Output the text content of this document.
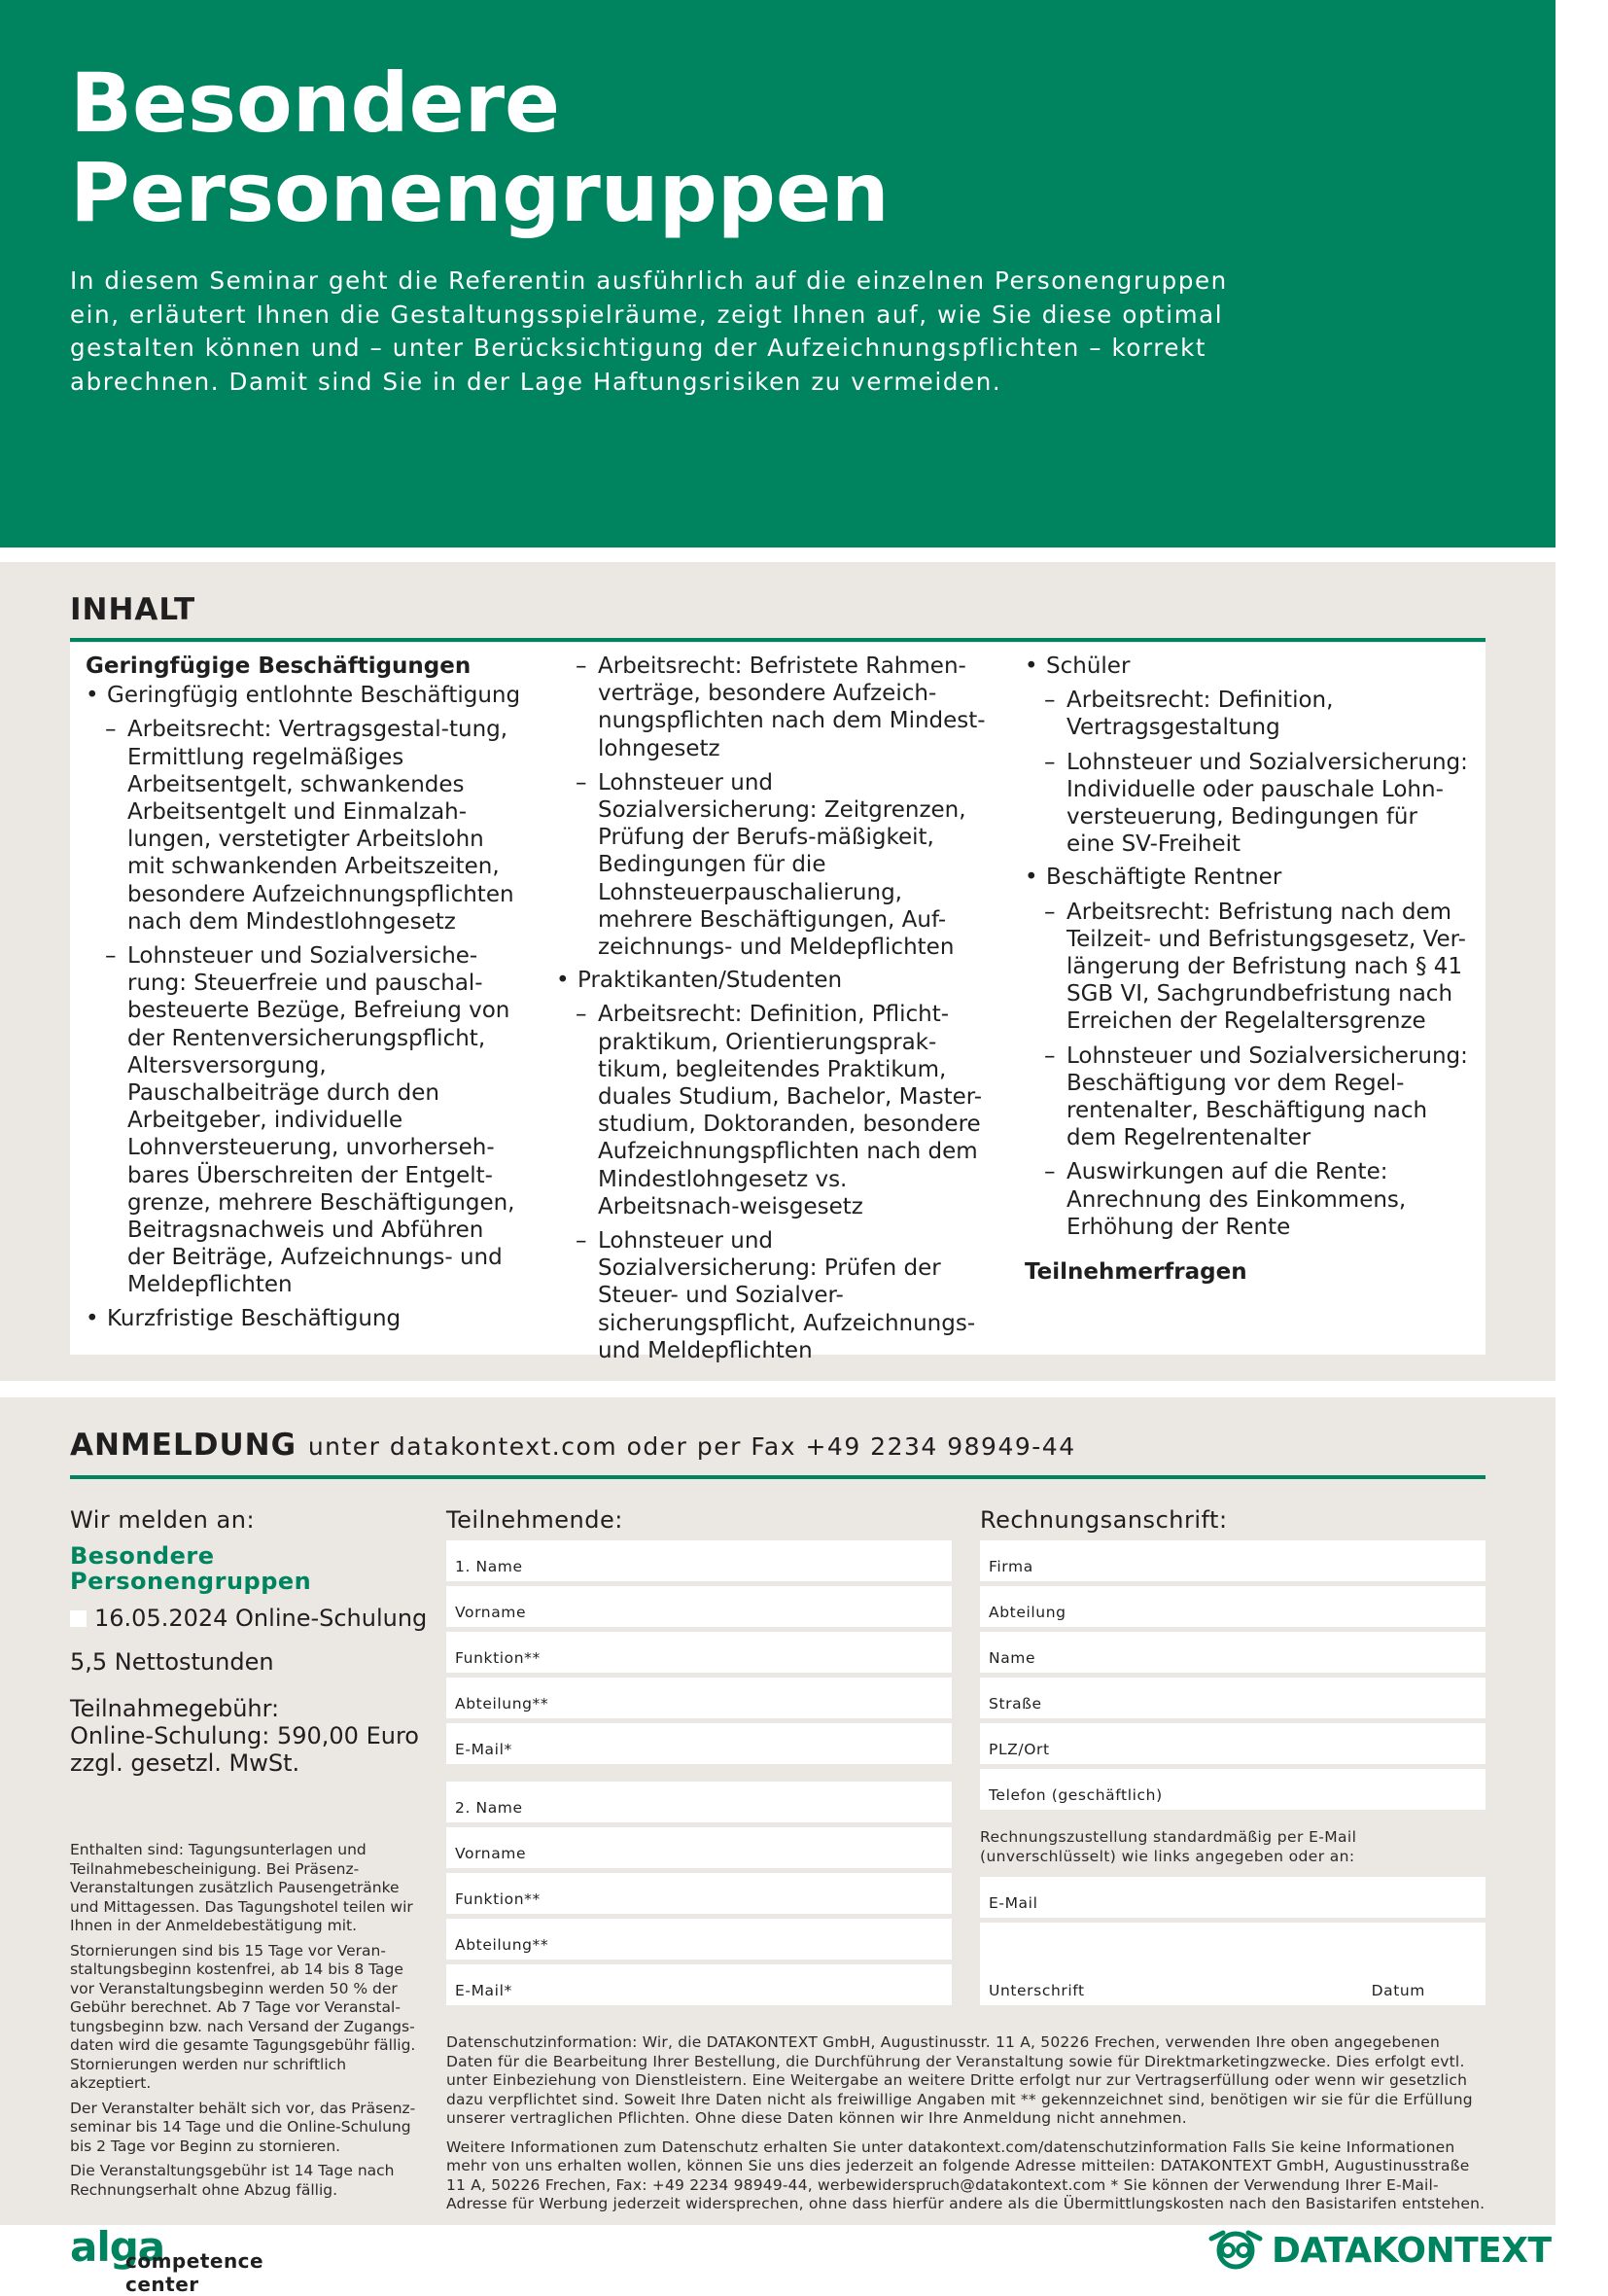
Besondere
Personengruppen

In diesem Seminar geht die Referentin ausführlich auf die einzelnen Personengruppen ein, erläutert Ihnen die Gestaltungsspielräume, zeigt Ihnen auf, wie Sie diese optimal gestalten können und – unter Berücksichtigung der Aufzeichnungspflichten – korrekt abrechnen. Damit sind Sie in der Lage Haftungsrisiken zu vermeiden.

INHALT

Geringfügige Beschäftigungen

• Geringfügig entlohnte Beschäftigung

– Arbeitsrecht: Vertragsgestal-tung, Ermittlung regelmäßiges Arbeitsentgelt, schwankendes Arbeitsentgelt und Einmalzah-lungen, verstetigter Arbeitslohn mit schwankenden Arbeitszeiten, besondere Aufzeichnungspflichten nach dem Mindestlohngesetz

– Lohnsteuer und Sozialversiche-rung: Steuerfreie und pauschal-besteuerte Bezüge, Befreiung von der Rentenversicherungspflicht, Altersversorgung, Pauschalbeiträge durch den Arbeitgeber, individuelle Lohnversteuerung, unvorherseh-bares Überschreiten der Entgelt-grenze, mehrere Beschäftigungen, Beitragsnachweis und Abführen der Beiträge, Aufzeichnungs- und Meldepflichten

• Kurzfristige Beschäftigung

– Arbeitsrecht: Befristete Rahmen-verträge, besondere Aufzeich-nungspflichten nach dem Mindest-lohngesetz

– Lohnsteuer und Sozialversicherung: Zeitgrenzen, Prüfung der Berufs-mäßigkeit, Bedingungen für die Lohnsteuerpauschalierung, mehrere Beschäftigungen, Auf-zeichnungs- und Meldepflichten

• Praktikanten/Studenten

– Arbeitsrecht: Definition, Pflicht-praktikum, Orientierungsprak-tikum, begleitendes Praktikum, duales Studium, Bachelor, Master-studium, Doktoranden, besondere Aufzeichnungspflichten nach dem Mindestlohngesetz vs. Arbeitsnach-weisgesetz

– Lohnsteuer und Sozialversicherung: Prüfen der Steuer- und Sozialver-sicherungspflicht, Aufzeichnungs- und Meldepflichten

• Schüler

– Arbeitsrecht: Definition, Vertragsgestaltung

– Lohnsteuer und Sozialversicherung: Individuelle oder pauschale Lohn-versteuerung, Bedingungen für eine SV-Freiheit

• Beschäftigte Rentner

– Arbeitsrecht: Befristung nach dem Teilzeit- und Befristungsgesetz, Ver-längerung der Befristung nach § 41 SGB VI, Sachgrundbefristung nach Erreichen der Regelaltersgrenze

– Lohnsteuer und Sozialversicherung: Beschäftigung vor dem Regel-rentenalter, Beschäftigung nach dem Regelrentenalter

– Auswirkungen auf die Rente: Anrechnung des Einkommens, Erhöhung der Rente

Teilnehmerfragen

ANMELDUNG unter datakontext.com oder per Fax +49 2234 98949-44
Wir melden an:
Besondere
Personengruppen
16.05.2024 Online-Schulung
5,5 Nettostunden
Teilnahmegebühr:
Online-Schulung: 590,00 Euro
zzgl. gesetzl. MwSt.

Enthalten sind: Tagungsunterlagen und Teilnahmebescheinigung. Bei Präsenz-Veranstaltungen zusätzlich Pausengetränke und Mittagessen. Das Tagungshotel teilen wir Ihnen in der Anmeldebestätigung mit.

Stornierungen sind bis 15 Tage vor Veran-staltungsbeginn kostenfrei, ab 14 bis 8 Tage vor Veranstaltungsbeginn werden 50 % der Gebühr berechnet. Ab 7 Tage vor Veranstal-tungsbeginn bzw. nach Versand der Zugangs-daten wird die gesamte Tagungsgebühr fällig. Stornierungen werden nur schriftlich akzeptiert.

Der Veranstalter behält sich vor, das Präsenz-seminar bis 14 Tage und die Online-Schulung bis 2 Tage vor Beginn zu stornieren.

Die Veranstaltungsgebühr ist 14 Tage nach Rechnungserhalt ohne Abzug fällig.

Teilnehmende:
1. Name
Vorname
Funktion**
Abteilung**
E-Mail*
2. Name
Vorname
Funktion**
Abteilung**
E-Mail*
Rechnungsanschrift:
Firma
Abteilung
Name
Straße
PLZ/Ort
Telefon (geschäftlich)
Rechnungszustellung standardmäßig per E-Mail (unverschlüsselt) wie links angegeben oder an:
E-Mail
Unterschrift	Datum

Datenschutzinformation: Wir, die DATAKONTEXT GmbH, Augustinusstr. 11 A, 50226 Frechen, verwenden Ihre oben angegebenen Daten für die Bearbeitung Ihrer Bestellung, die Durchführung der Veranstaltung sowie für Direktmarketingzwecke. Dies erfolgt evtl. unter Einbeziehung von Dienstleistern. Eine Weitergabe an weitere Dritte erfolgt nur zur Vertragserfüllung oder wenn wir gesetzlich dazu verpflichtet sind. Soweit Ihre Daten nicht als freiwillige Angaben mit ** gekennzeichnet sind, benötigen wir sie für die Erfüllung unserer vertraglichen Pflichten. Ohne diese Daten können wir Ihre Anmeldung nicht annehmen.

Weitere Informationen zum Datenschutz erhalten Sie unter datakontext.com/datenschutzinformation Falls Sie keine Informationen mehr von uns erhalten wollen, können Sie uns dies jederzeit an folgende Adresse mitteilen: DATAKONTEXT GmbH, Augustinusstraße 11 A, 50226 Frechen, Fax: +49 2234 98949-44, werbewiderspruch@datakontext.com * Sie können der Verwendung Ihrer E-Mail-Adresse für Werbung jederzeit widersprechen, ohne dass hierfür andere als die Übermittlungskosten nach den Basistarifen entstehen.

alga
competence center
DATAKONTEXT
